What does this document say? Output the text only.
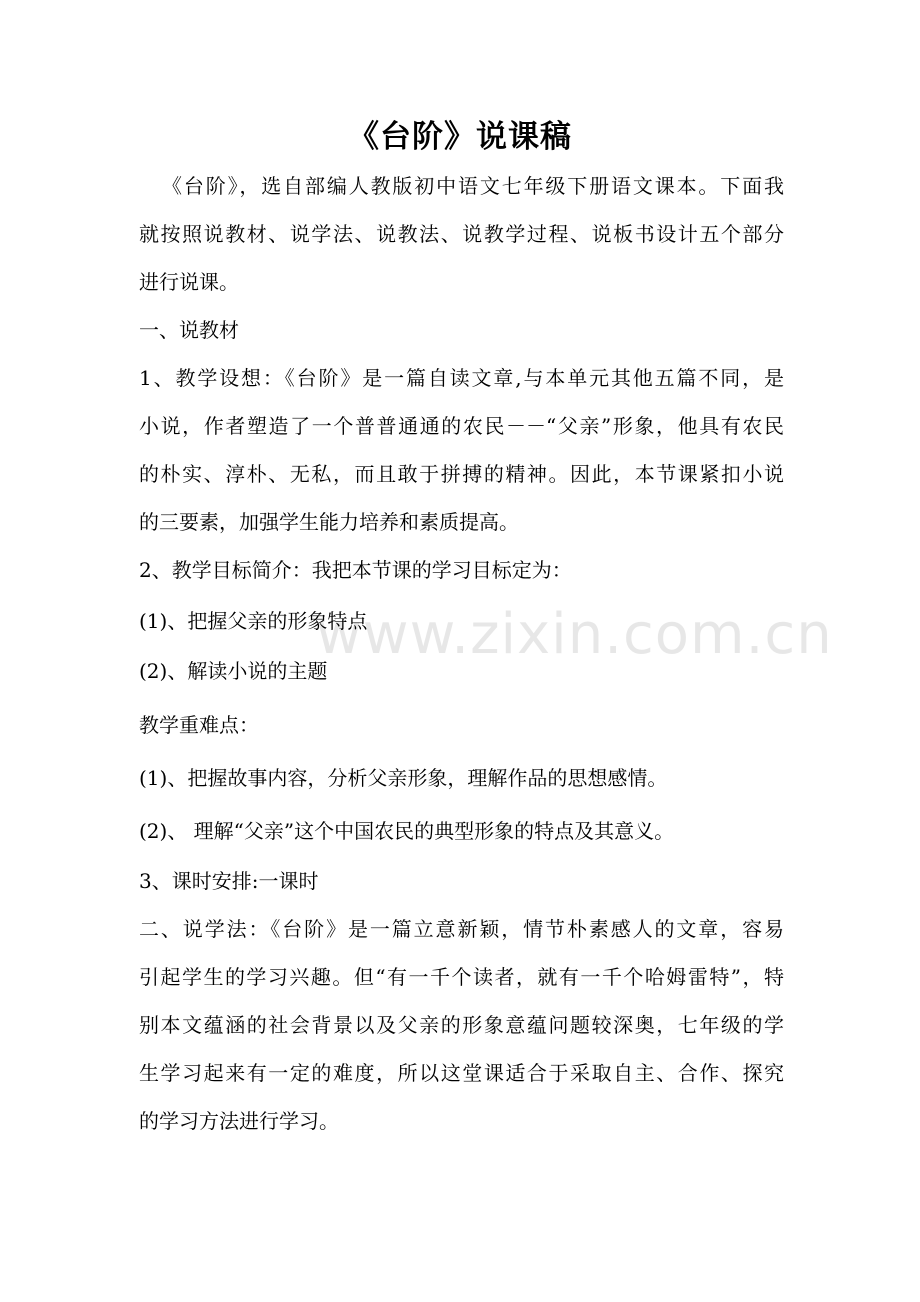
《台阶》说课稿
《台阶》，选自部编人教版初中语文七年级下册语文课本。下面我
就按照说教材、说学法、说教法、说教学过程、说板书设计五个部分
进行说课。
一、说教材
1、教学设想：《台阶》是一篇自读文章,与本单元其他五篇不同，是
小说，作者塑造了一个普普通通的农民－－“父亲”形象，他具有农民
的朴实、淳朴、无私，而且敢于拼搏的精神。因此，本节课紧扣小说
的三要素，加强学生能力培养和素质提高。
2、教学目标简介：我把本节课的学习目标定为：
(1)、把握父亲的形象特点
(2)、解读小说的主题
教学重难点：
(1)、把握故事内容，分析父亲形象，理解作品的思想感情。
(2)、 理解“父亲”这个中国农民的典型形象的特点及其意义。
3、课时安排:一课时
二、说学法：《台阶》是一篇立意新颖，情节朴素感人的文章，容易
引起学生的学习兴趣。但“有一千个读者，就有一千个哈姆雷特”，特
别本文蕴涵的社会背景以及父亲的形象意蕴问题较深奥，七年级的学
生学习起来有一定的难度，所以这堂课适合于采取自主、合作、探究
的学习方法进行学习。
www.zixin.com.cn
